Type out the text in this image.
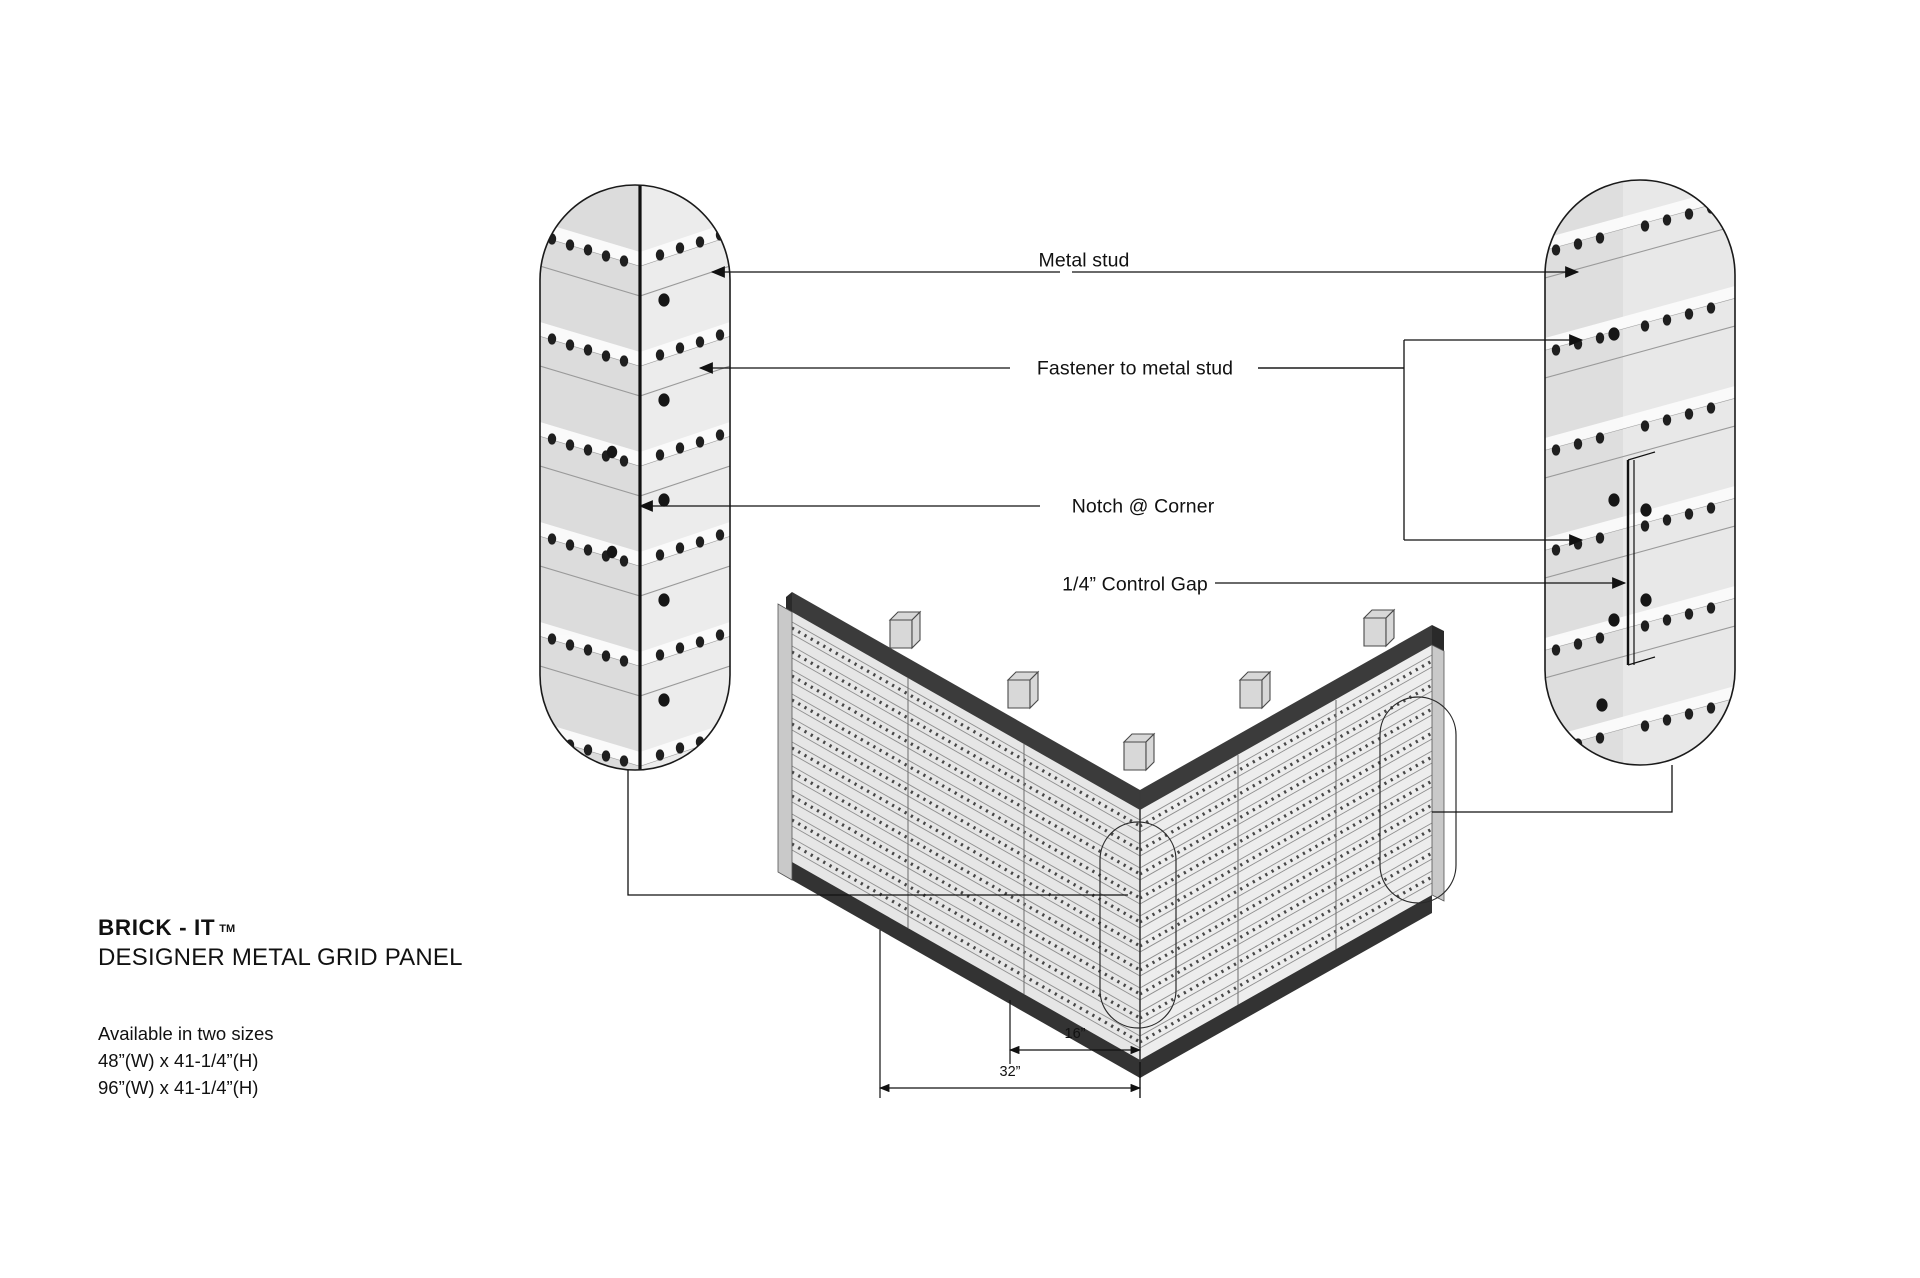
Metal stud
Fastener to metal stud
Notch @ Corner
1/4” Control Gap
16”
32”
BRICK - IT TM
DESIGNER METAL GRID PANEL
Available in two sizes
48”(W) x 41-1/4”(H)
96”(W) x 41-1/4”(H)
